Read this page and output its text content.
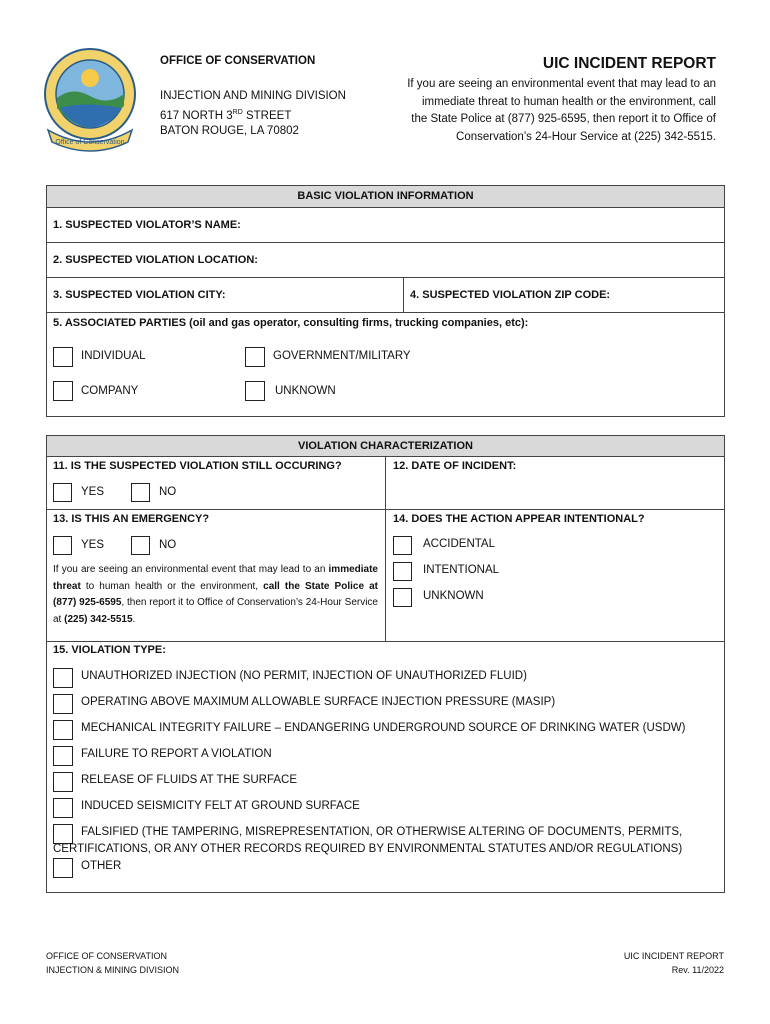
Office of Conservation
OFFICE OF CONSERVATION
INJECTION AND MINING DIVISION
617 NORTH 3RD STREET
BATON ROUGE, LA 70802
UIC INCIDENT REPORT
If you are seeing an environmental event that may lead to an
immediate threat to human health or the environment, call
the State Police at (877) 925-6595, then report it to Office of
Conservation’s 24-Hour Service at (225) 342-5515.
BASIC VIOLATION INFORMATION
1. SUSPECTED VIOLATOR’S NAME:
2. SUSPECTED VIOLATION LOCATION:
3. SUSPECTED VIOLATION CITY:	4. SUSPECTED VIOLATION ZIP CODE:
5. ASSOCIATED PARTIES (oil and gas operator, consulting firms, trucking companies, etc):
INDIVIDUAL	GOVERNMENT/MILITARY
COMPANY	UNKNOWN
VIOLATION CHARACTERIZATION
11. IS THE SUSPECTED VIOLATION STILL OCCURING?	12. DATE OF INCIDENT:
YES	NO
13. IS THIS AN EMERGENCY?	14. DOES THE ACTION APPEAR INTENTIONAL?
YES	NO
If you are seeing an environmental event that may lead to an immediate threat to human health or the environment, call the State Police at (877) 925-6595, then report it to Office of Conservation’s 24-Hour Service at (225) 342-5515.
ACCIDENTAL
INTENTIONAL
UNKNOWN
15. VIOLATION TYPE:
UNAUTHORIZED INJECTION (NO PERMIT, INJECTION OF UNAUTHORIZED FLUID)
OPERATING ABOVE MAXIMUM ALLOWABLE SURFACE INJECTION PRESSURE (MASIP)
MECHANICAL INTEGRITY FAILURE – ENDANGERING UNDERGROUND SOURCE OF DRINKING WATER (USDW)
FAILURE TO REPORT A VIOLATION
RELEASE OF FLUIDS AT THE SURFACE
INDUCED SEISMICITY FELT AT GROUND SURFACE
FALSIFIED (THE TAMPERING, MISREPRESENTATION, OR OTHERWISE ALTERING OF DOCUMENTS, PERMITS,
CERTIFICATIONS, OR ANY OTHER RECORDS REQUIRED BY ENVIRONMENTAL STATUTES AND/OR REGULATIONS)
OTHER
OFFICE OF CONSERVATION
INJECTION & MINING DIVISION
UIC INCIDENT REPORT
Rev. 11/2022
